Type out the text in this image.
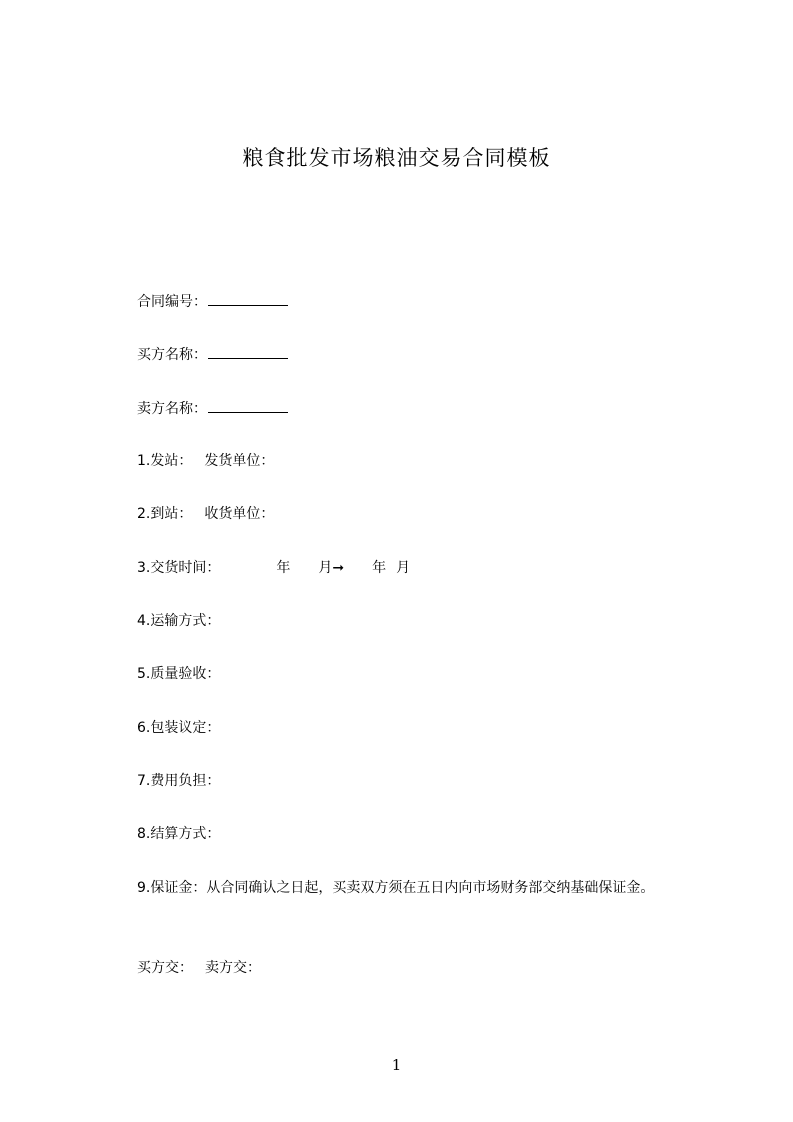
粮食批发市场粮油交易合同模板
合同编号：
买方名称：
卖方名称：
1.发站： 发货单位：
2.到站： 收货单位：
3.交货时间：	年 月➞ 年 月
4.运输方式：
5.质量验收：
6.包装议定：
7.费用负担：
8.结算方式：
9.保证金：从合同确认之日起，买卖双方须在五日内向市场财务部交纳基础保证金。
买方交： 卖方交：
1
